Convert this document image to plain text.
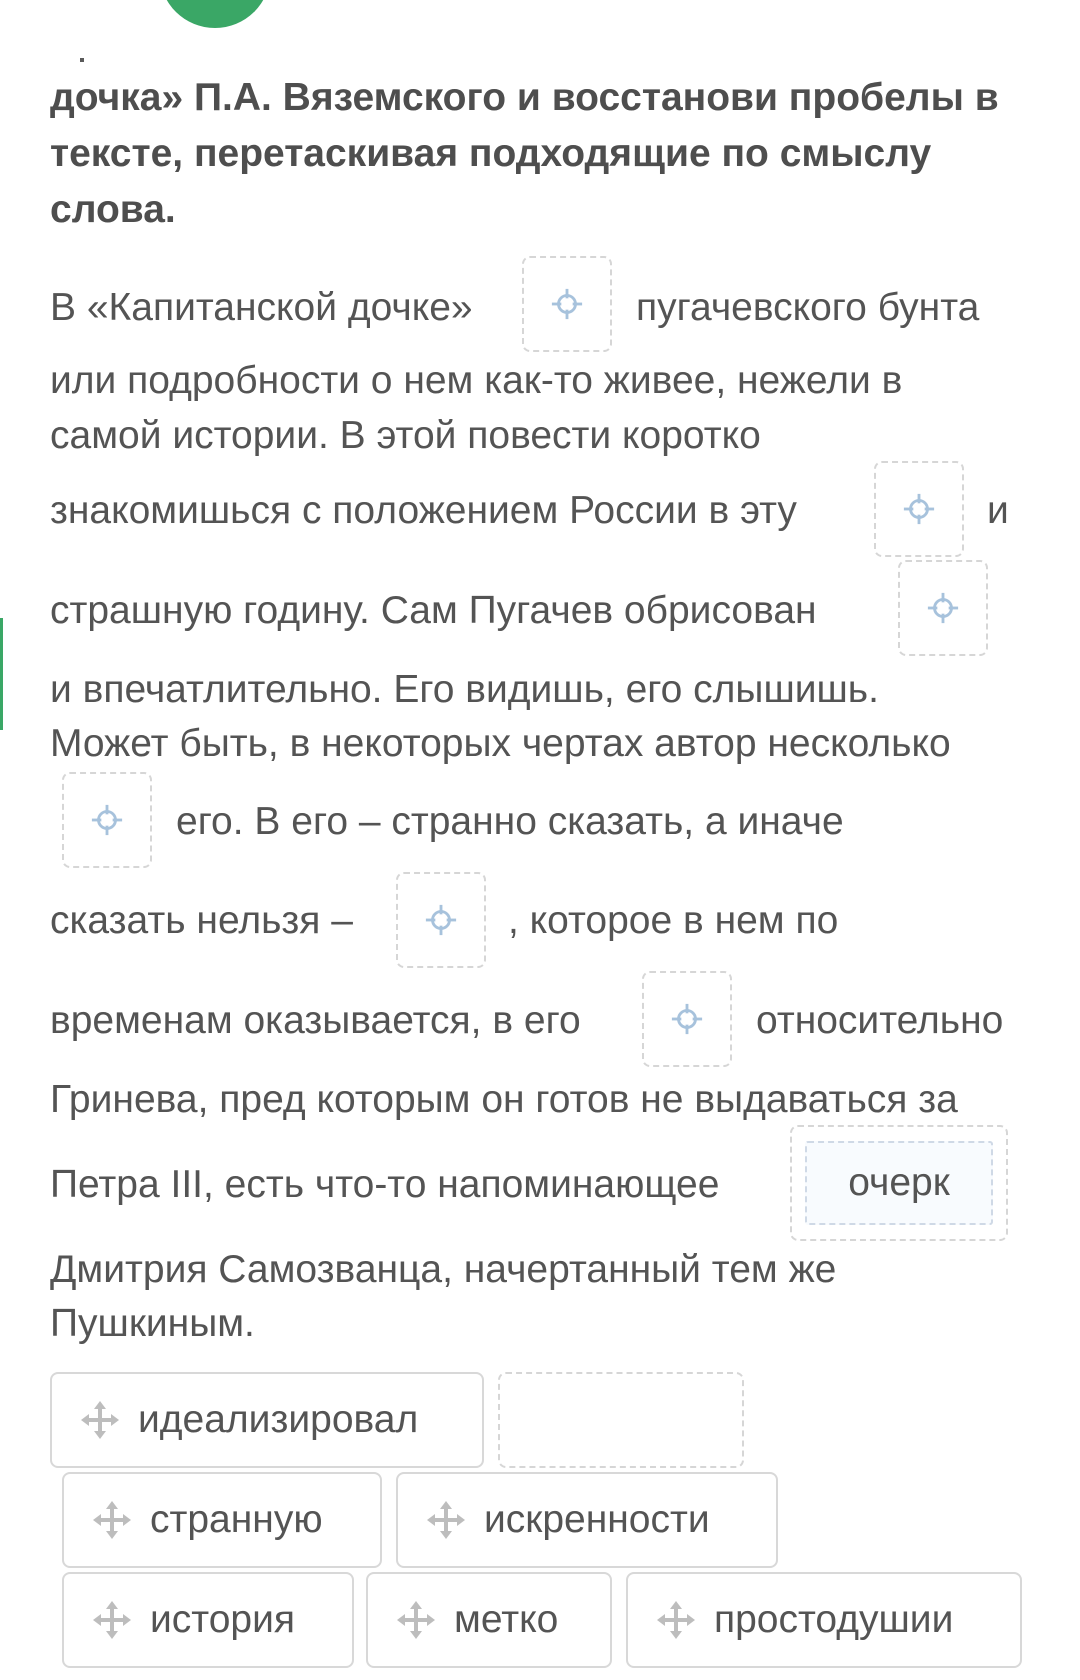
дочка» П.А. Вяземского и восстанови пробелы в тексте, перетаскивая подходящие по смыслу слова.
В «Капитанской дочке»	пугачевского бунта
или подробности о нем как-то живее, нежели в
самой истории. В этой повести коротко
знакомишься с положением России в эту	и
страшную годину. Сам Пугачев обрисован
и впечатлительно. Его видишь, его слышишь.
Может быть, в некоторых чертах автор несколько
его. В его – странно сказать, а иначе
сказать нельзя –	, которое в нем по
временам оказывается, в его	относительно
Гринева, пред которым он готов не выдаваться за
Петра III, есть что-то напоминающее	очерк
Дмитрия Самозванца, начертанный тем же
Пушкиным.
идеализировал
странную	искренности
история	метко	простодушии
